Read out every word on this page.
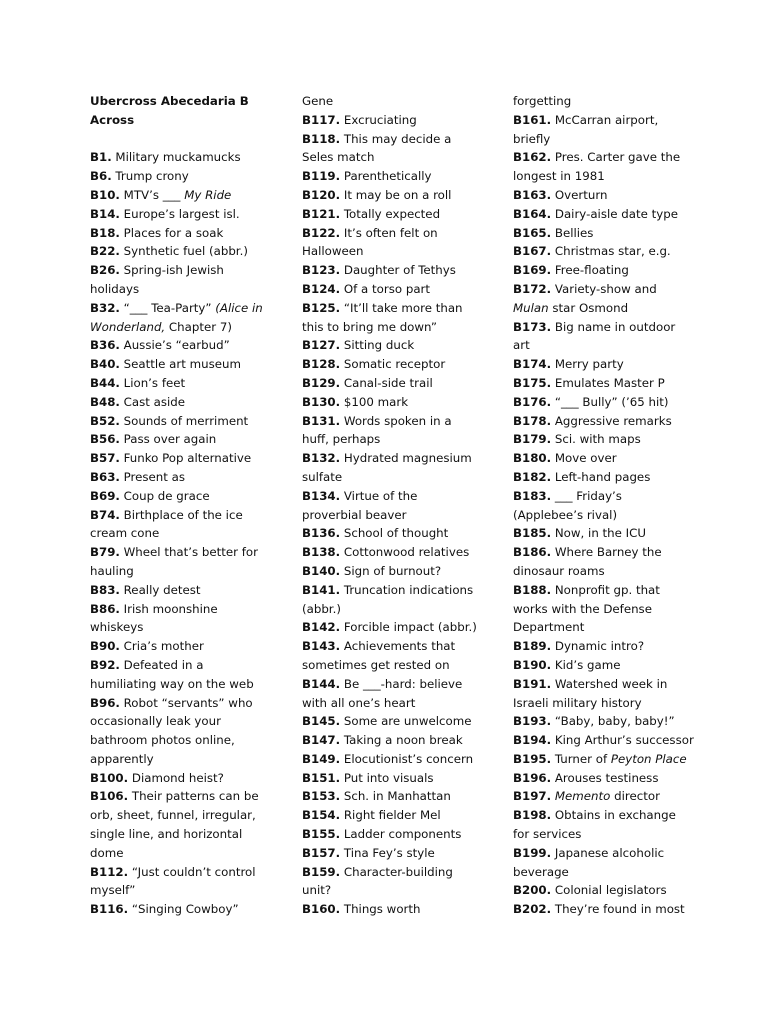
Ubercross Abecedaria B
Across
B1. Military muckamucks
B6. Trump crony
B10. MTV’s ___ My Ride
B14. Europe’s largest isl.
B18. Places for a soak
B22. Synthetic fuel (abbr.)
B26. Spring-ish Jewish
holidays
B32. “___ Tea-Party” (Alice in
Wonderland, Chapter 7)
B36. Aussie’s “earbud”
B40. Seattle art museum
B44. Lion’s feet
B48. Cast aside
B52. Sounds of merriment
B56. Pass over again
B57. Funko Pop alternative
B63. Present as
B69. Coup de grace
B74. Birthplace of the ice
cream cone
B79. Wheel that’s better for
hauling
B83. Really detest
B86. Irish moonshine
whiskeys
B90. Cria’s mother
B92. Defeated in a
humiliating way on the web
B96. Robot “servants” who
occasionally leak your
bathroom photos online,
apparently
B100. Diamond heist?
B106. Their patterns can be
orb, sheet, funnel, irregular,
single line, and horizontal
dome
B112. “Just couldn’t control
myself”
B116. “Singing Cowboy”
Gene
B117. Excruciating
B118. This may decide a
Seles match
B119. Parenthetically
B120. It may be on a roll
B121. Totally expected
B122. It’s often felt on
Halloween
B123. Daughter of Tethys
B124. Of a torso part
B125. “It’ll take more than
this to bring me down”
B127. Sitting duck
B128. Somatic receptor
B129. Canal-side trail
B130. $100 mark
B131. Words spoken in a
huff, perhaps
B132. Hydrated magnesium
sulfate
B134. Virtue of the
proverbial beaver
B136. School of thought
B138. Cottonwood relatives
B140. Sign of burnout?
B141. Truncation indications
(abbr.)
B142. Forcible impact (abbr.)
B143. Achievements that
sometimes get rested on
B144. Be ___-hard: believe
with all one’s heart
B145. Some are unwelcome
B147. Taking a noon break
B149. Elocutionist’s concern
B151. Put into visuals
B153. Sch. in Manhattan
B154. Right fielder Mel
B155. Ladder components
B157. Tina Fey’s style
B159. Character-building
unit?
B160. Things worth
forgetting
B161. McCarran airport,
briefly
B162. Pres. Carter gave the
longest in 1981
B163. Overturn
B164. Dairy-aisle date type
B165. Bellies
B167. Christmas star, e.g.
B169. Free-floating
B172. Variety-show and
Mulan star Osmond
B173. Big name in outdoor
art
B174. Merry party
B175. Emulates Master P
B176. “___ Bully” (’65 hit)
B178. Aggressive remarks
B179. Sci. with maps
B180. Move over
B182. Left-hand pages
B183. ___ Friday’s
(Applebee’s rival)
B185. Now, in the ICU
B186. Where Barney the
dinosaur roams
B188. Nonprofit gp. that
works with the Defense
Department
B189. Dynamic intro?
B190. Kid’s game
B191. Watershed week in
Israeli military history
B193. “Baby, baby, baby!”
B194. King Arthur’s successor
B195. Turner of Peyton Place
B196. Arouses testiness
B197. Memento director
B198. Obtains in exchange
for services
B199. Japanese alcoholic
beverage
B200. Colonial legislators
B202. They’re found in most
